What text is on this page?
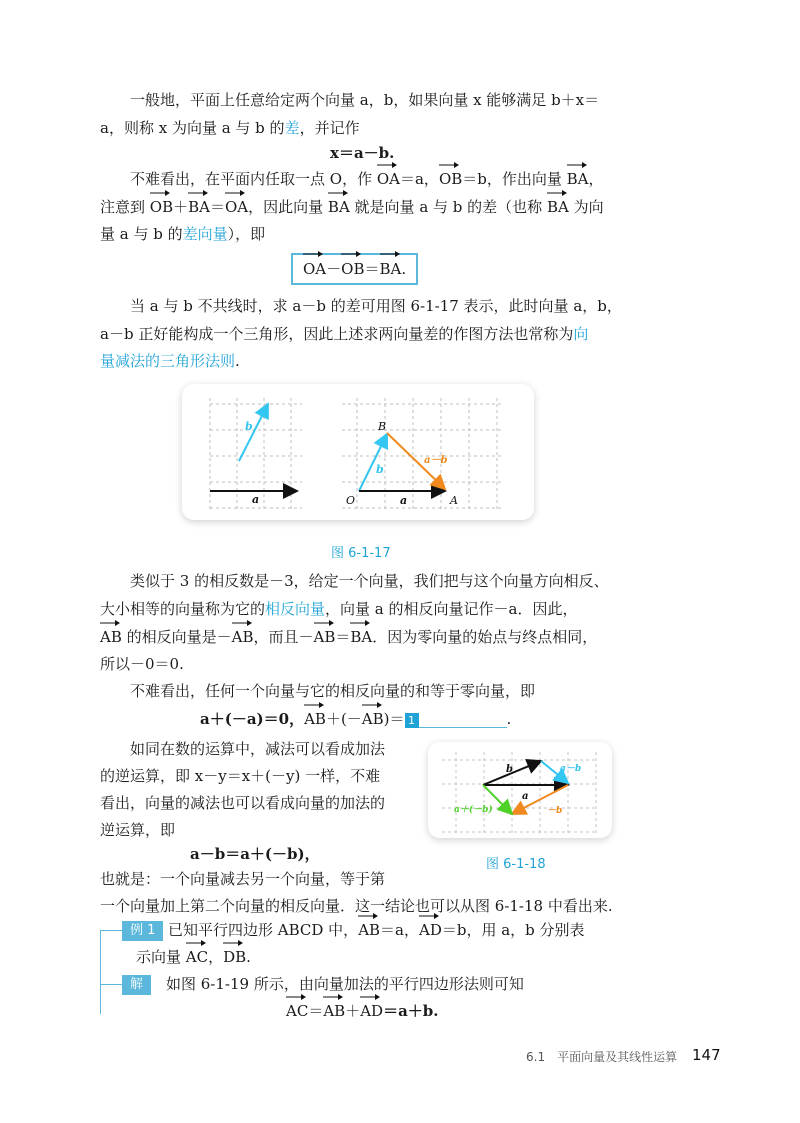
一般地，平面上任意给定两个向量 a，b，如果向量 x 能够满足 b＋x＝
a，则称 x 为向量 a 与 b 的差，并记作
x＝a－b.
不难看出，在平面内任取一点 O，作
OA＝a，
OB＝b，作出向量
BA，
注意到
OB＋
BA＝
OA，因此向量
BA 就是向量 a 与 b 的差（也称
BA 为向
量 a 与 b 的差向量），即
OA－
OB＝
BA.
当 a 与 b 不共线时，求 a－b 的差可用图 6-1-17 表示，此时向量 a，b，
a－b 正好能构成一个三角形，因此上述求两向量差的作图方法也常称为向
量减法的三角形法则.
b
a
B
O	A
b
a
a－b
图 6-1-17
类似于 3 的相反数是－3，给定一个向量，我们把与这个向量方向相反、
大小相等的向量称为它的相反向量，向量 a 的相反向量记作－a．因此，
AB 的相反向量是－
AB，而且－
AB＝
BA．因为零向量的始点与终点相同，
所以－0＝0.
不难看出，任何一个向量与它的相反向量的和等于零向量，即
a＋(－a)＝0，
AB＋(－
AB)＝ 1	.
如同在数的运算中，减法可以看成加法
的逆运算，即 x－y＝x＋(－y) 一样，不难
看出，向量的减法也可以看成向量的加法的
逆运算，即
a－b＝a＋(－b)，
也就是：一个向量减去另一个向量，等于第
一个向量加上第二个向量的相反向量．这一结论也可以从图 6-1-18 中看出来.
b
a
a－b
－b
a＋(－b)
图 6-1-18
例 1 已知平行四边形 ABCD 中，
AB＝a，
AD＝b，用 a，b 分别表
示向量
AC，
DB.
解	如图 6-1-19 所示，由向量加法的平行四边形法则可知
AC＝
AB＋
AD＝a＋b.
6.1　平面向量及其线性运算 147
